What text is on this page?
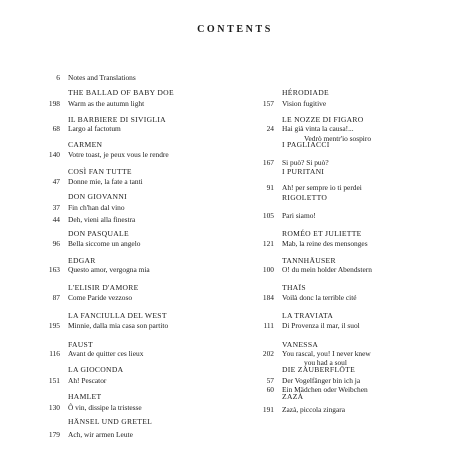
CONTENTS
6 Notes and Translations
THE BALLAD OF BABY DOE
198 Warm as the autumn light
IL BARBIERE DI SIVIGLIA
68 Largo al factotum
CARMEN
140 Votre toast, je peux vous le rendre
COSÌ FAN TUTTE
47 Donne mie, la fate a tanti
DON GIOVANNI
37 Fin ch'han dal vino
44 Deh, vieni alla finestra
DON PASQUALE
96 Bella siccome un angelo
EDGAR
163 Questo amor, vergogna mia
L'ELISIR D'AMORE
87 Come Paride vezzoso
LA FANCIULLA DEL WEST
195 Minnie, dalla mia casa son partito
FAUST
116 Avant de quitter ces lieux
LA GIOCONDA
151 Ah! Pescator
HAMLET
130 Ô vin, dissipe la tristesse
HÄNSEL UND GRETEL
179 Ach, wir armen Leute
HÉRODIADE
157 Vision fugitive
LE NOZZE DI FIGARO
24 Hai già vinta la causa!...
Vedrò mentr'io sospiro
I PAGLIACCI
167 Si può? Si può?
I PURITANI
91 Ah! per sempre io ti perdei
RIGOLETTO
105 Pari siamo!
ROMÉO ET JULIETTE
121 Mab, la reine des mensonges
TANNHÄUSER
100 O! du mein holder Abendstern
THAÏS
184 Voilà donc la terrible cité
LA TRAVIATA
111 Di Provenza il mar, il suol
VANESSA
202 You rascal, you! I never knew
you had a soul
DIE ZAUBERFLÖTE
57 Der Vogelfänger bin ich ja
60 Ein Mädchen oder Weibchen
ZAZÀ
191 Zazà, piccola zingara
